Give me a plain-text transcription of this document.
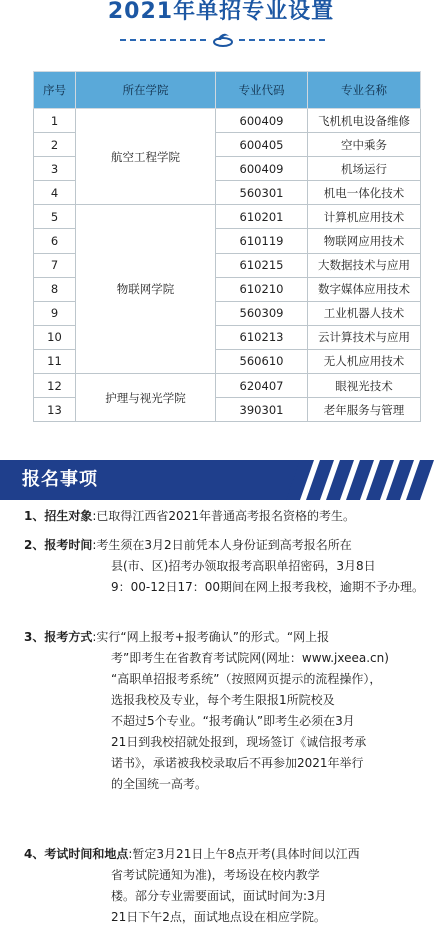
2021年单招专业设置
序号	所在学院	专业代码	专业名称
1	航空工程学院	600409	飞机机电设备维修
2		600405	空中乘务
3		600409	机场运行
4		560301	机电一体化技术
5	物联网学院	610201	计算机应用技术
6		610119	物联网应用技术
7		610215	大数据技术与应用
8		610210	数字媒体应用技术
9		560309	工业机器人技术
10		610213	云计算技术与应用
11		560610	无人机应用技术
12	护理与视光学院	620407	眼视光技术
13		390301	老年服务与管理
报名事项
1、招生对象:已取得江西省2021年普通高考报名资格的考生。
2、报考时间:考生须在3月2日前凭本人身份证到高考报名所在
县(市、区)招考办领取报考高职单招密码，3月8日
9：00-12日17：00期间在网上报考我校，逾期不予办理。
3、报考方式:实行“网上报考+报考确认”的形式。“网上报
考”即考生在省教育考试院网(网址：www.jxeea.cn)
“高职单招报考系统”（按照网页提示的流程操作），
选报我校及专业，每个考生限报1所院校及
不超过5个专业。“报考确认”即考生必须在3月
21日到我校招就处报到，现场签订《诚信报考承
诺书》，承诺被我校录取后不再参加2021年举行
的全国统一高考。
4、考试时间和地点:暂定3月21日上午8点开考(具体时间以江西
省考试院通知为准)，考场设在校内教学
楼。部分专业需要面试，面试时间为:3月
21日下午2点，面试地点设在相应学院。
